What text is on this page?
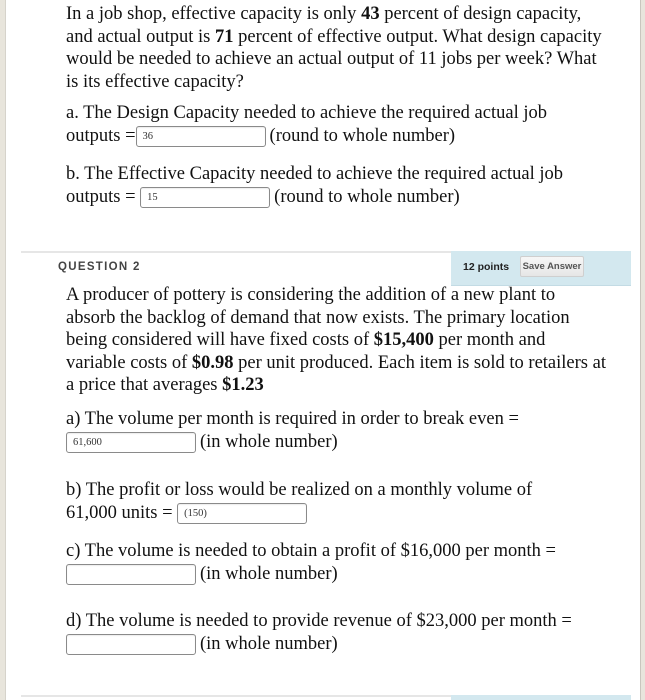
In a job shop, effective capacity is only 43 percent of design capacity, and actual output is 71 percent of effective output. What design capacity would be needed to achieve an actual output of 11 jobs per week? What is its effective capacity?
a. The Design Capacity needed to achieve the required actual job outputs = 36	(round to whole number)
b. The Effective Capacity needed to achieve the required actual job outputs = 15	(round to whole number)
QUESTION 2	12 points Save Answer
A producer of pottery is considering the addition of a new plant to absorb the backlog of demand that now exists. The primary location being considered will have fixed costs of $15,400 per month and variable costs of $0.98 per unit produced. Each item is sold to retailers at a price that averages $1.23
a) The volume per month is required in order to break even =
61,600	(in whole number)
b) The profit or loss would be realized on a monthly volume of
61,000 units = (150)
c) The volume is needed to obtain a profit of $16,000 per month =
(in whole number)
d) The volume is needed to provide revenue of $23,000 per month =
(in whole number)
